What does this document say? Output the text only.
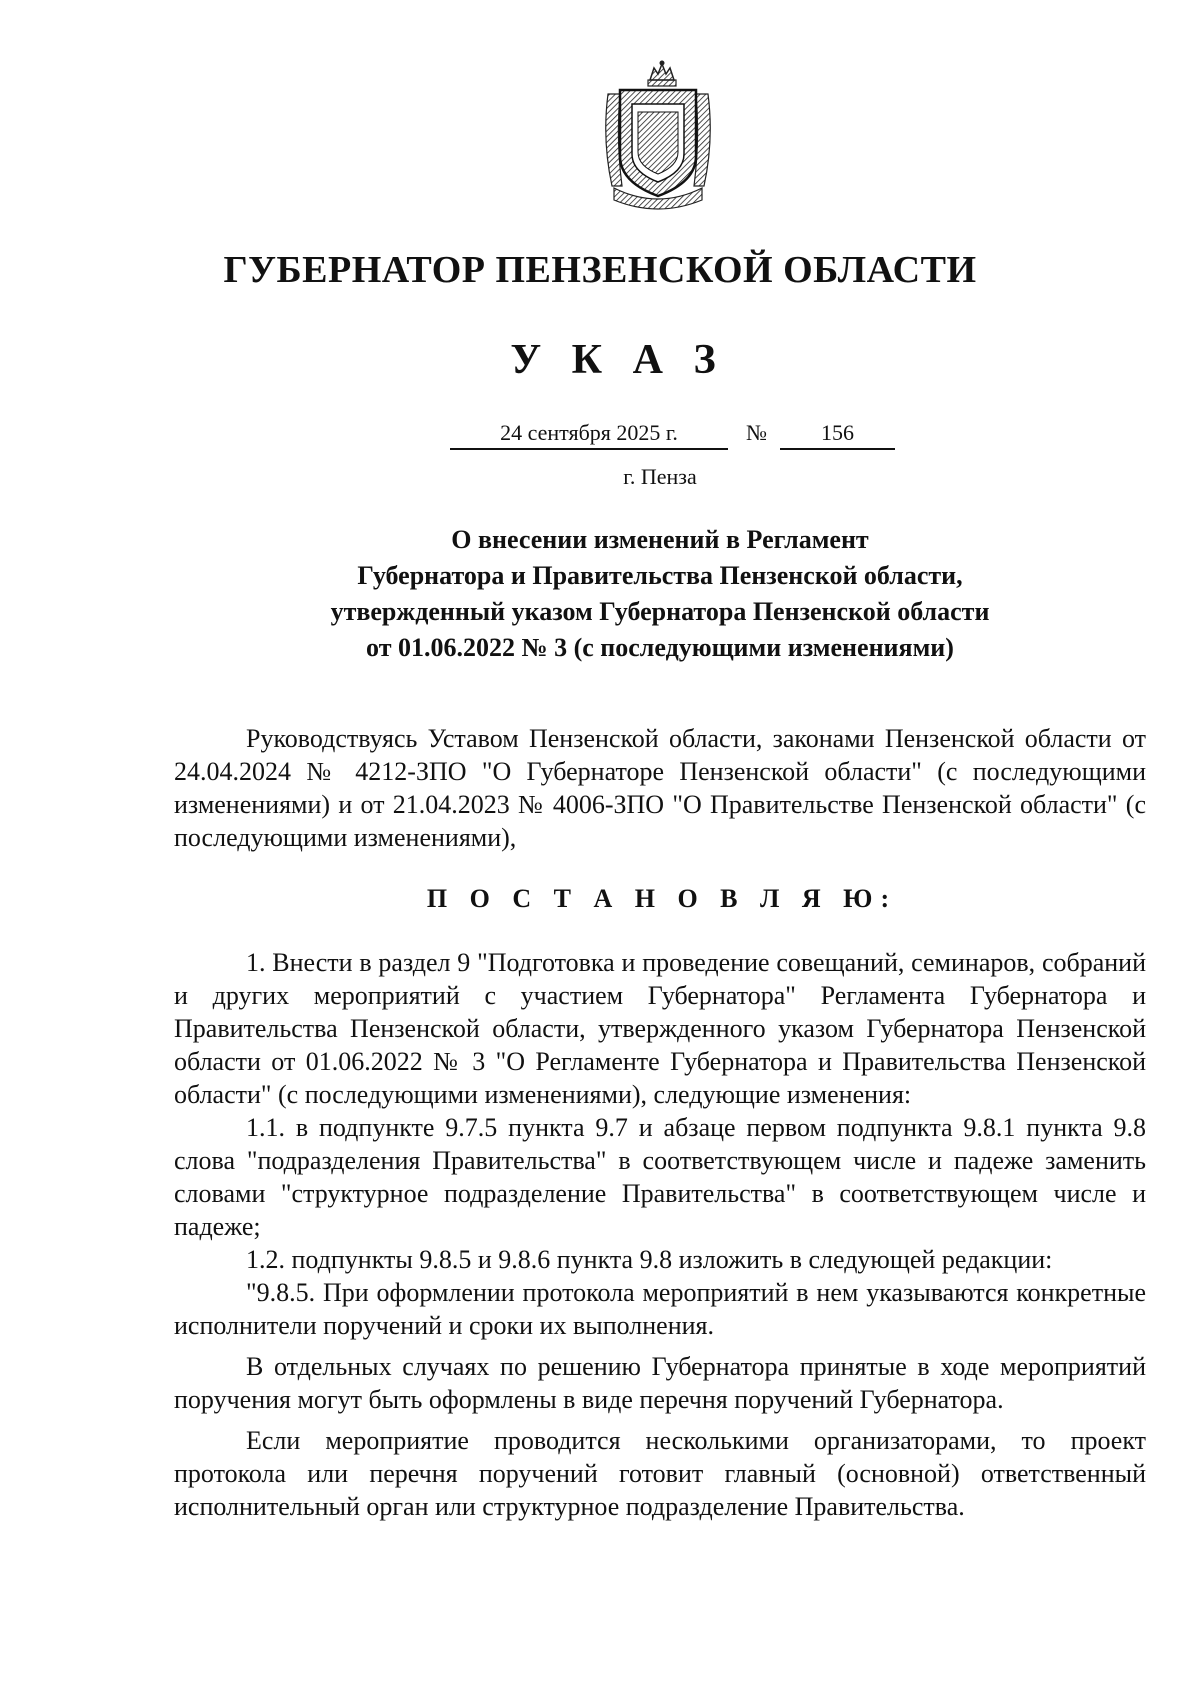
ГУБЕРНАТОР ПЕНЗЕНСКОЙ ОБЛАСТИ
У К А З
24 сентября 2025 г.	№	156
г. Пенза
О внесении изменений в Регламент
Губернатора и Правительства Пензенской области,
утвержденный указом Губернатора Пензенской области
от 01.06.2022 № 3 (с последующими изменениями)

Руководствуясь Уставом Пензенской области, законами Пензенской области от 24.04.2024 № 4212-ЗПО "О Губернаторе Пензенской области" (с последующими изменениями) и от 21.04.2023 № 4006-ЗПО "О Правительстве Пензенской области" (с последующими изменениями),

П О С Т А Н О В Л Я Ю:

1. Внести в раздел 9 "Подготовка и проведение совещаний, семинаров, собраний и других мероприятий с участием Губернатора" Регламента Губернатора и Правительства Пензенской области, утвержденного указом Губернатора Пензенской области от 01.06.2022 № 3 "О Регламенте Губернатора и Правительства Пензенской области" (с последующими изменениями), следующие изменения:

1.1. в подпункте 9.7.5 пункта 9.7 и абзаце первом подпункта 9.8.1 пункта 9.8 слова "подразделения Правительства" в соответствующем числе и падеже заменить словами "структурное подразделение Правительства" в соответствующем числе и падеже;

1.2. подпункты 9.8.5 и 9.8.6 пункта 9.8 изложить в следующей редакции:

"9.8.5. При оформлении протокола мероприятий в нем указываются конкретные исполнители поручений и сроки их выполнения.

В отдельных случаях по решению Губернатора принятые в ходе мероприятий поручения могут быть оформлены в виде перечня поручений Губернатора.

Если мероприятие проводится несколькими организаторами, то проект протокола или перечня поручений готовит главный (основной) ответственный исполнительный орган или структурное подразделение Правительства.
